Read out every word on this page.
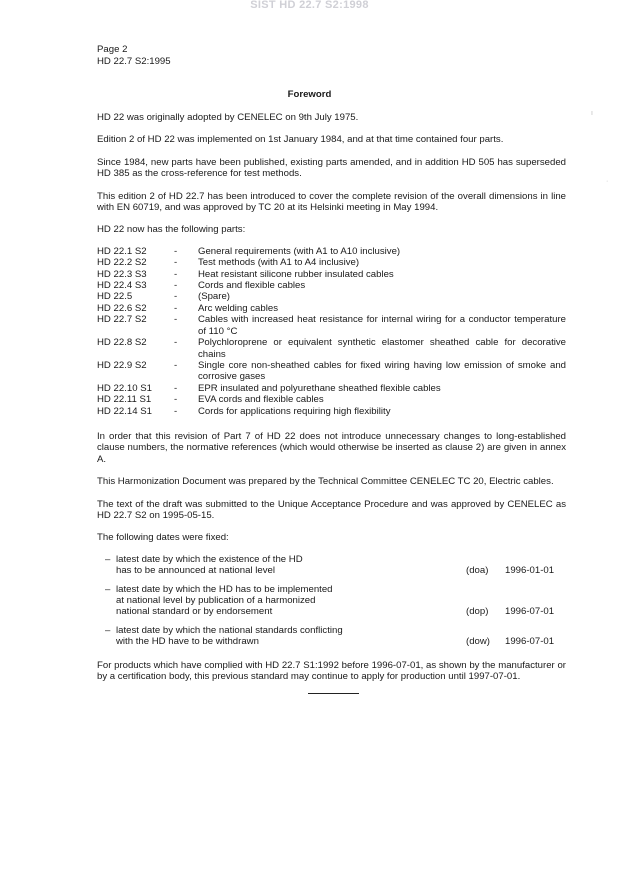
SIST HD 22.7 S2:1998
Page 2
HD 22.7 S2:1995
Foreword

HD 22 was originally adopted by CENELEC on 9th July 1975.

Edition 2 of HD 22 was implemented on 1st January 1984, and at that time contained four parts.

Since 1984, new parts have been published, existing parts amended, and in addition HD 505 has superseded HD 385 as the cross-reference for test methods.

This edition 2 of HD 22.7 has been introduced to cover the complete revision of the overall dimensions in line with EN 60719, and was approved by TC 20 at its Helsinki meeting in May 1994.

HD 22 now has the following parts:

HD 22.1 S2	-	General requirements (with A1 to A10 inclusive)
HD 22.2 S2	-	Test methods (with A1 to A4 inclusive)
HD 22.3 S3	-	Heat resistant silicone rubber insulated cables
HD 22.4 S3	-	Cords and flexible cables
HD 22.5	-	(Spare)
HD 22.6 S2	-	Arc welding cables
HD 22.7 S2	-	Cables with increased heat resistance for internal wiring for a conductor temperature of 110 °C
HD 22.8 S2	-	Polychloroprene or equivalent synthetic elastomer sheathed cable for decorative chains
HD 22.9 S2	-	Single core non-sheathed cables for fixed wiring having low emission of smoke and corrosive gases
HD 22.10 S1	-	EPR insulated and polyurethane sheathed flexible cables
HD 22.11 S1	-	EVA cords and flexible cables
HD 22.14 S1	-	Cords for applications requiring high flexibility

In order that this revision of Part 7 of HD 22 does not introduce unnecessary changes to long-established clause numbers, the normative references (which would otherwise be inserted as clause 2) are given in annex A.

This Harmonization Document was prepared by the Technical Committee CENELEC TC 20, Electric cables.

The text of the draft was submitted to the Unique Acceptance Procedure and was approved by CENELEC as HD 22.7 S2 on 1995-05-15.

The following dates were fixed:

– latest date by which the existence of the HD
has to be announced at national level	(doa)	1996-01-01
– latest date by which the HD has to be implemented
at national level by publication of a harmonized
national standard or by endorsement	(dop)	1996-07-01
– latest date by which the national standards conflicting
with the HD have to be withdrawn	(dow)	1996-07-01

For products which have complied with HD 22.7 S1:1992 before 1996-07-01, as shown by the manufacturer or by a certification body, this previous standard may continue to apply for production until 1997-07-01.

·
ı
